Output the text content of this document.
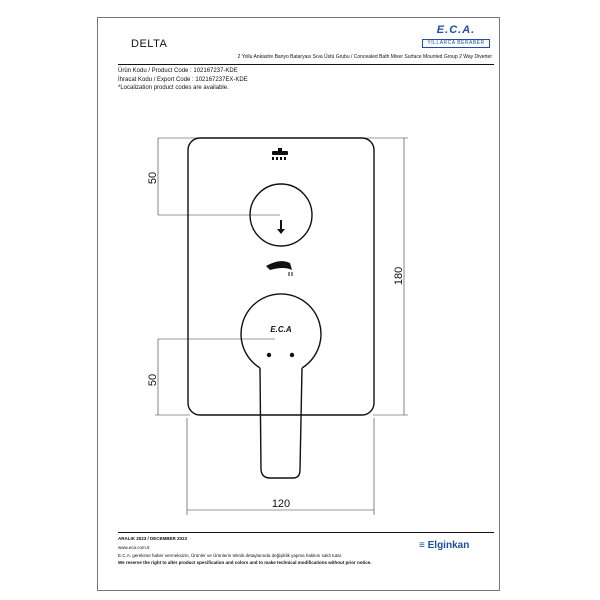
E.C.A.
YILLARCA BERABER
DELTA
2 Yollu Ankastre Banyo Bataryası Sıva Üstü Grubu / Concealed Bath Mixer Surface Mounted Group 2 Way Diverter
Ürün Kodu / Product Code : 102167237-KDE
İhracat Kodu / Export Code : 102167237EX-KDE
*Localization product codes are available.
50
50
180
120
E.C.A
ARALIK 2023 / DECEMBER 2023
www.eca.com.tr
E.C.A. gerekirse haber vermeksizin, Ürünler ve Ürünlerin teknik detaylarında değişiklik yapma hakkını saklı tutar.
We reserve the right to alter product specification and colors and to make technical modifications without prior notice.
≡ Elginkan
